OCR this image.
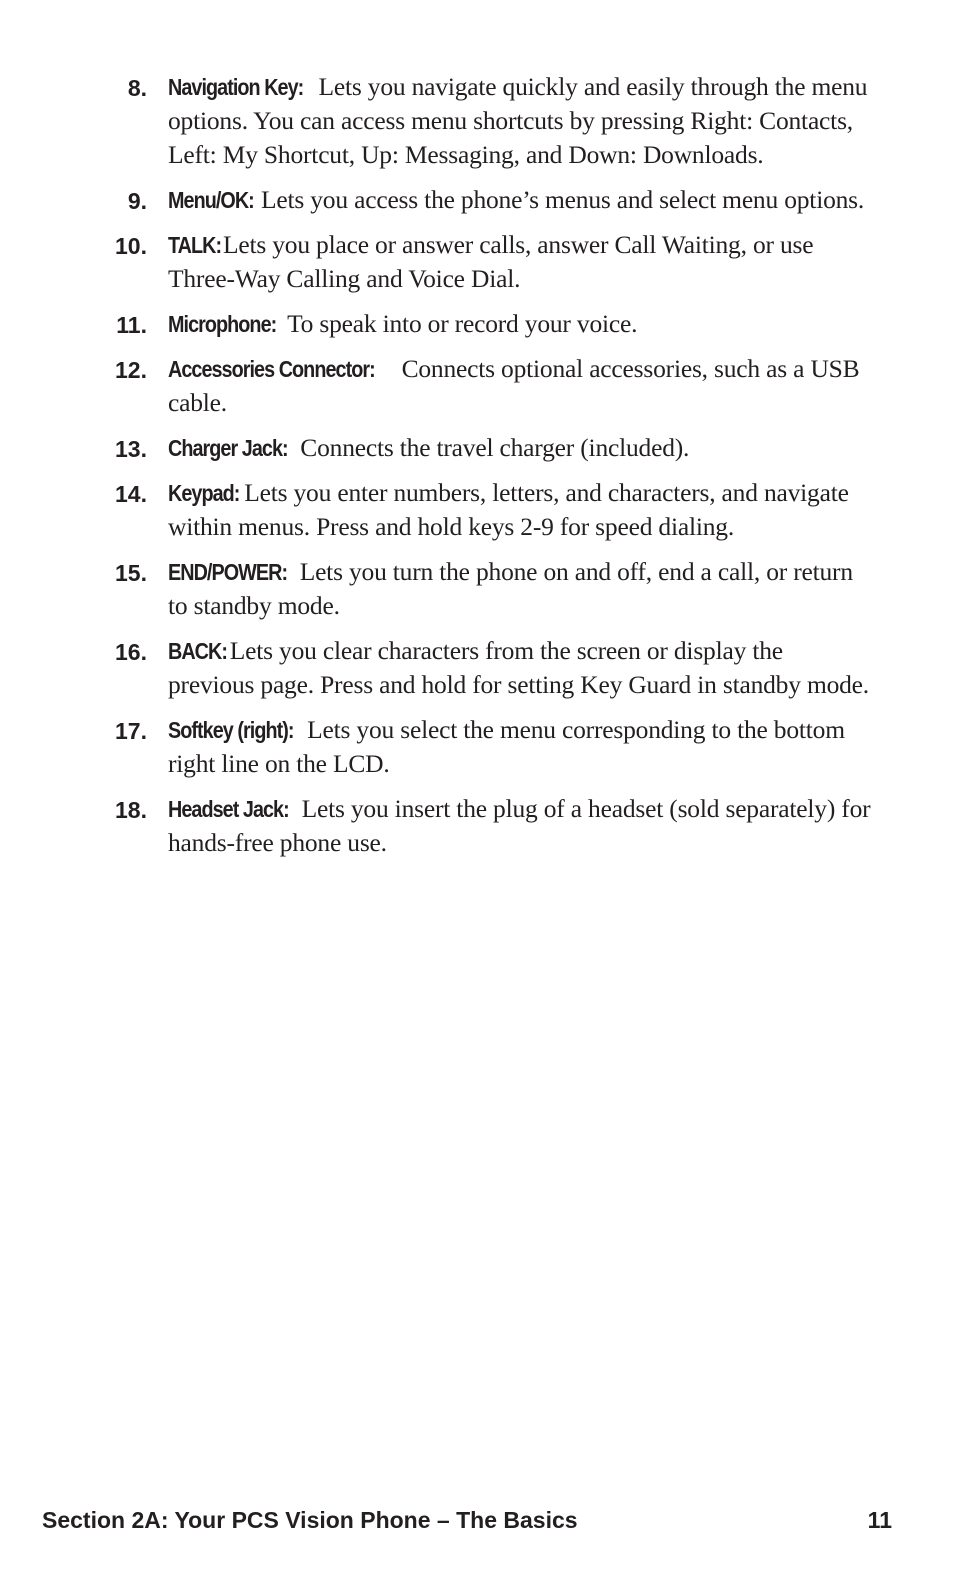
8. Navigation Key: Lets you navigate quickly and easily through the menu options. You can access menu shortcuts by pressing Right: Contacts, Left: My Shortcut, Up: Messaging, and Down: Downloads.
9. Menu/OK: Lets you access the phone’s menus and select menu options.
10. TALK: Lets you place or answer calls, answer Call Waiting, or use Three-Way Calling and Voice Dial.
11. Microphone: To speak into or record your voice.
12. Accessories Connector: Connects optional accessories, such as a USB cable.
13. Charger Jack: Connects the travel charger (included).
14. Keypad: Lets you enter numbers, letters, and characters, and navigate within menus. Press and hold keys 2-9 for speed dialing.
15. END/POWER: Lets you turn the phone on and off, end a call, or return to standby mode.
16. BACK: Lets you clear characters from the screen or display the previous page. Press and hold for setting Key Guard in standby mode.
17. Softkey (right): Lets you select the menu corresponding to the bottom right line on the LCD.
18. Headset Jack: Lets you insert the plug of a headset (sold separately) for hands-free phone use.
Section 2A: Your PCS Vision Phone – The Basics	11
